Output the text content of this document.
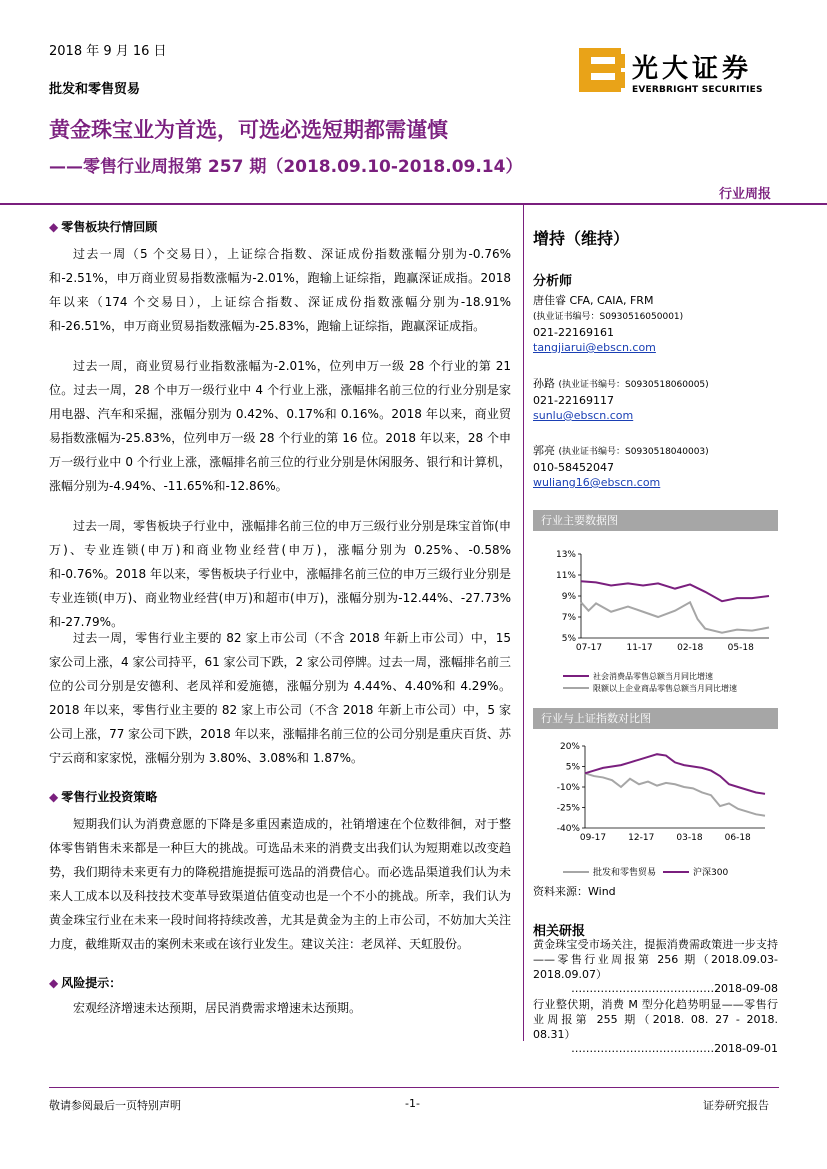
2018 年 9 月 16 日
批发和零售贸易
光大证券
EVERBRIGHT SECURITIES
黄金珠宝业为首选，可选必选短期都需谨慎
——零售行业周报第 257 期（2018.09.10-2018.09.14）
行业周报
◆ 零售板块行情回顾
过去一周（5 个交易日），上证综合指数、深证成份指数涨幅分别为-0.76%和-2.51%，申万商业贸易指数涨幅为-2.01%，跑输上证综指，跑赢深证成指。2018 年以来（174 个交易日），上证综合指数、深证成份指数涨幅分别为-18.91%和-26.51%，申万商业贸易指数涨幅为-25.83%，跑输上证综指，跑赢深证成指。
过去一周，商业贸易行业指数涨幅为-2.01%，位列申万一级 28 个行业的第 21 位。过去一周，28 个申万一级行业中 4 个行业上涨，涨幅排名前三位的行业分别是家用电器、汽车和采掘，涨幅分别为 0.42%、0.17%和 0.16%。2018 年以来，商业贸易指数涨幅为-25.83%，位列申万一级 28 个行业的第 16 位。2018 年以来，28 个申万一级行业中 0 个行业上涨，涨幅排名前三位的行业分别是休闲服务、银行和计算机，涨幅分别为-4.94%、-11.65%和-12.86%。
过去一周，零售板块子行业中，涨幅排名前三位的申万三级行业分别是珠宝首饰(申万)、专业连锁(申万)和商业物业经营(申万)，涨幅分别为 0.25%、-0.58%和-0.76%。2018 年以来，零售板块子行业中，涨幅排名前三位的申万三级行业分别是专业连锁(申万)、商业物业经营(申万)和超市(申万)，涨幅分别为-12.44%、-27.73%和-27.79%。
过去一周，零售行业主要的 82 家上市公司（不含 2018 年新上市公司）中，15 家公司上涨，4 家公司持平，61 家公司下跌，2 家公司停牌。过去一周，涨幅排名前三位的公司分别是安德利、老凤祥和爱施德，涨幅分别为 4.44%、4.40%和 4.29%。2018 年以来，零售行业主要的 82 家上市公司（不含 2018 年新上市公司）中，5 家公司上涨，77 家公司下跌，2018 年以来，涨幅排名前三位的公司分别是重庆百货、苏宁云商和家家悦，涨幅分别为 3.80%、3.08%和 1.87%。
◆ 零售行业投资策略
短期我们认为消费意愿的下降是多重因素造成的，社销增速在个位数徘徊，对于整体零售销售未来都是一种巨大的挑战。可选品未来的消费支出我们认为短期难以改变趋势，我们期待未来更有力的降税措施提振可选品的消费信心。而必选品渠道我们认为未来人工成本以及科技技术变革导致渠道估值变动也是一个不小的挑战。所幸，我们认为黄金珠宝行业在未来一段时间将持续改善，尤其是黄金为主的上市公司，不妨加大关注力度，截维斯双击的案例未来或在该行业发生。建议关注：老凤祥、天虹股份。
◆ 风险提示：
宏观经济增速未达预期，居民消费需求增速未达预期。
增持（维持）
分析师
唐佳睿 CFA, CAIA, FRM
(执业证书编号：S0930516050001)
021-22169161
tangjiarui@ebscn.com
孙路 (执业证书编号：S0930518060005)
021-22169117
sunlu@ebscn.com
郭亮 (执业证书编号：S0930518040003)
010-58452047
wuliang16@ebscn.com
行业主要数据图
13%
11%
9%
7%
5%
07-17	11-17	02-18	05-18
社会消费品零售总额当月同比增速
限额以上企业商品零售总额当月同比增速
行业与上证指数对比图
20%
5%
-10%
-25%
-40%
09-17 12-17 03-18 06-18
批发和零售贸易	沪深300
资料来源：Wind
相关研报
黄金珠宝受市场关注，提振消费需政策进一步支持——零售行业周报第 256 期（2018.09.03-2018.09.07）
…………………………………2018-09-08
行业整伏期，消费 M 型分化趋势明显——零售行业周报第 255 期（2018. 08. 27 - 2018. 08.31）
…………………………………2018-09-01
敬请参阅最后一页特别声明	-1-	证券研究报告
